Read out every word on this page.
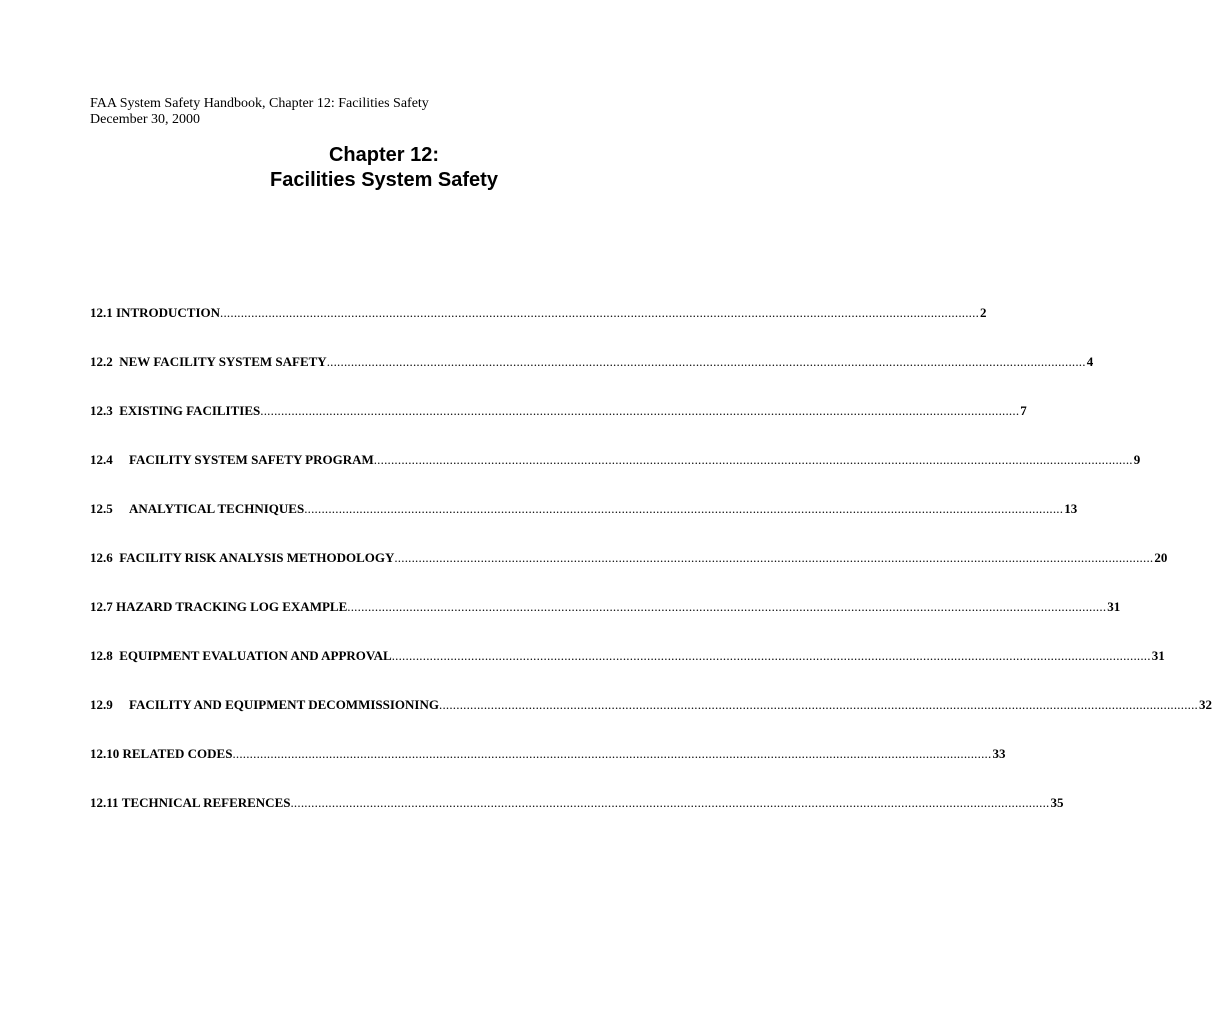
FAA System Safety Handbook, Chapter 12: Facilities Safety
December 30, 2000
Chapter 12:
Facilities System Safety
12.1 INTRODUCTION ............................................................................................................................................................................................................................ 2
12.2 NEW FACILITY SYSTEM SAFETY ............................................................................................................................................................................................................................ 4
12.3 EXISTING FACILITIES ............................................................................................................................................................................................................................ 7
12.4 FACILITY SYSTEM SAFETY PROGRAM ............................................................................................................................................................................................................................ 9
12.5 ANALYTICAL TECHNIQUES ............................................................................................................................................................................................................................ 13
12.6 FACILITY RISK ANALYSIS METHODOLOGY ............................................................................................................................................................................................................................ 20
12.7 HAZARD TRACKING LOG EXAMPLE ............................................................................................................................................................................................................................ 31
12.8 EQUIPMENT EVALUATION AND APPROVAL ............................................................................................................................................................................................................................ 31
12.9 FACILITY AND EQUIPMENT DECOMMISSIONING ............................................................................................................................................................................................................................ 32
12.10 RELATED CODES ............................................................................................................................................................................................................................ 33
12.11 TECHNICAL REFERENCES ............................................................................................................................................................................................................................ 35
